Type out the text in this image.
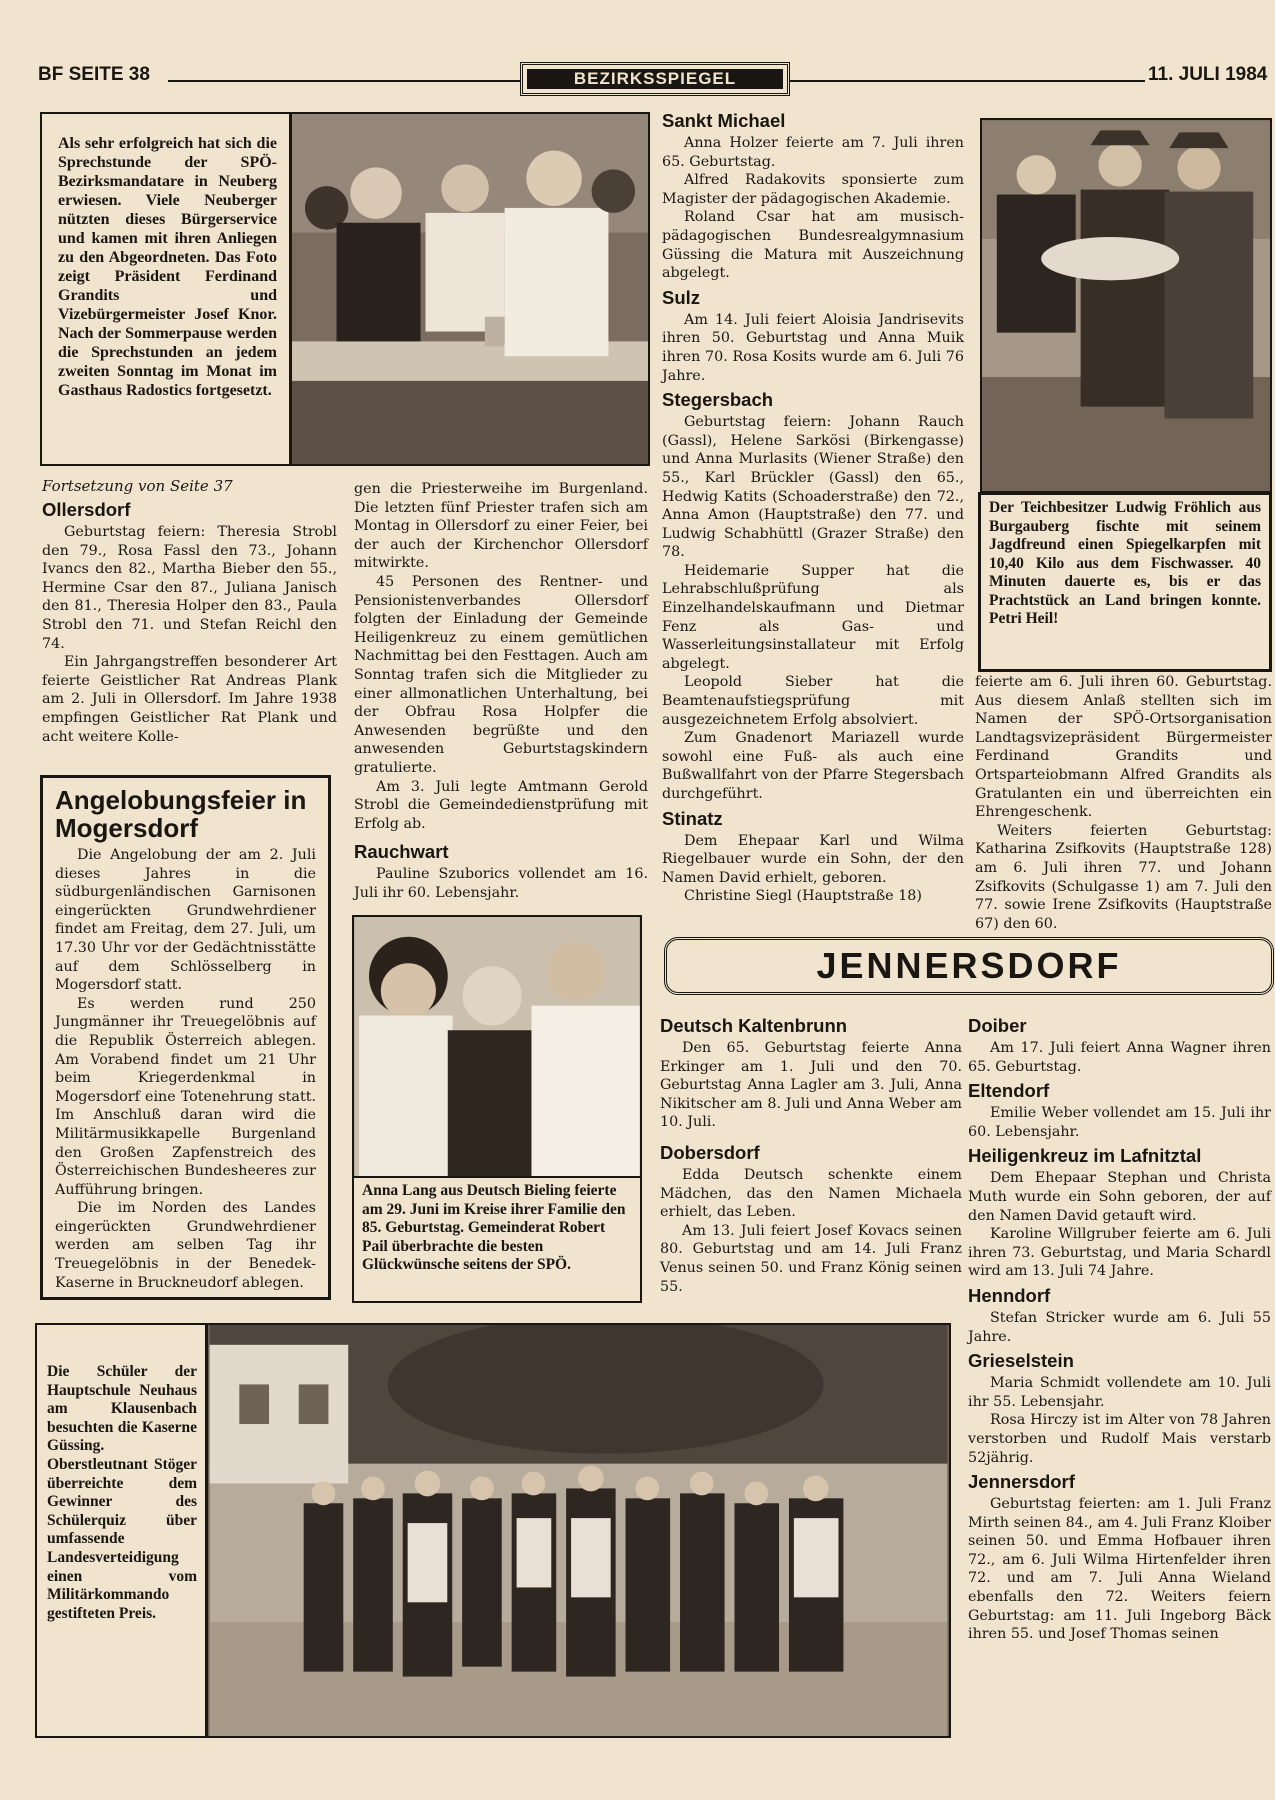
BF SEITE 38	BEZIRKSSPIEGEL	11. JULI 1984
Als sehr erfolgreich hat sich die Sprechstunde der SPÖ-Bezirksmandatare in Neuberg erwiesen. Viele Neuberger nützten dieses Bürgerservice und kamen mit ihren Anliegen zu den Abgeordneten. Das Foto zeigt Präsident Ferdinand Grandits und Vizebürgermeister Josef Knor. Nach der Sommerpause werden die Sprechstunden an jedem zweiten Sonntag im Monat im Gasthaus Radostics fortgesetzt.
Fortsetzung von Seite 37
Ollersdorf

Geburtstag feiern: Theresia Strobl den 79., Rosa Fassl den 73., Johann Ivancs den 82., Martha Bieber den 55., Hermine Csar den 87., Juliana Janisch den 81., Theresia Holper den 83., Paula Strobl den 71. und Stefan Reichl den 74.

Ein Jahrgangstreffen besonderer Art feierte Geistlicher Rat Andreas Plank am 2. Juli in Ollersdorf. Im Jahre 1938 empfingen Geistlicher Rat Plank und acht weitere Kolle-

gen die Priesterweihe im Burgenland. Die letzten fünf Priester trafen sich am Montag in Ollersdorf zu einer Feier, bei der auch der Kirchenchor Ollersdorf mitwirkte.

45 Personen des Rentner- und Pensionistenverbandes Ollersdorf folgten der Einladung der Gemeinde Heiligenkreuz zu einem gemütlichen Nachmittag bei den Festtagen. Auch am Sonntag trafen sich die Mitglieder zu einer allmonatlichen Unterhaltung, bei der Obfrau Rosa Holpfer die Anwesenden begrüßte und den anwesenden Geburtstagskindern gratulierte.

Am 3. Juli legte Amtmann Gerold Strobl die Gemeindedienstprüfung mit Erfolg ab.

Rauchwart

Pauline Szuborics vollendet am 16. Juli ihr 60. Lebensjahr.

Angelobungsfeier in Mogersdorf

Die Angelobung der am 2. Juli dieses Jahres in die südburgenländischen Garnisonen eingerückten Grundwehrdiener findet am Freitag, dem 27. Juli, um 17.30 Uhr vor der Gedächtnisstätte auf dem Schlösselberg in Mogersdorf statt.

Es werden rund 250 Jungmänner ihr Treuegelöbnis auf die Republik Österreich ablegen. Am Vorabend findet um 21 Uhr beim Kriegerdenkmal in Mogersdorf eine Totenehrung statt. Im Anschluß daran wird die Militärmusikkapelle Burgenland den Großen Zapfenstreich des Österreichischen Bundesheeres zur Aufführung bringen.

Die im Norden des Landes eingerückten Grundwehrdiener werden am selben Tag ihr Treuegelöbnis in der Benedek-Kaserne in Bruckneudorf ablegen.

Anna Lang aus Deutsch Bieling feierte am 29. Juni im Kreise ihrer Familie den 85. Geburtstag. Gemeinderat Robert Pail überbrachte die besten Glückwünsche seitens der SPÖ.
Sankt Michael

Anna Holzer feierte am 7. Juli ihren 65. Geburtstag.

Alfred Radakovits sponsierte zum Magister der pädagogischen Akademie.

Roland Csar hat am musisch-pädagogischen Bundesrealgymnasium Güssing die Matura mit Auszeichnung abgelegt.

Sulz

Am 14. Juli feiert Aloisia Jandrisevits ihren 50. Geburtstag und Anna Muik ihren 70. Rosa Kosits wurde am 6. Juli 76 Jahre.

Stegersbach

Geburtstag feiern: Johann Rauch (Gassl), Helene Sarkösi (Birkengasse) und Anna Murlasits (Wiener Straße) den 55., Karl Brückler (Gassl) den 65., Hedwig Katits (Schoaderstraße) den 72., Anna Amon (Hauptstraße) den 77. und Ludwig Schabhüttl (Grazer Straße) den 78.

Heidemarie Supper hat die Lehrabschlußprüfung als Einzelhandelskaufmann und Dietmar Fenz als Gas- und Wasserleitungsinstallateur mit Erfolg abgelegt.

Leopold Sieber hat die Beamtenaufstiegsprüfung mit ausgezeichnetem Erfolg absolviert.

Zum Gnadenort Mariazell wurde sowohl eine Fuß- als auch eine Bußwallfahrt von der Pfarre Stegersbach durchgeführt.

Stinatz

Dem Ehepaar Karl und Wilma Riegelbauer wurde ein Sohn, der den Namen David erhielt, geboren.

Christine Siegl (Hauptstraße 18)

Der Teichbesitzer Ludwig Fröhlich aus Burgauberg fischte mit seinem Jagdfreund einen Spiegelkarpfen mit 10,40 Kilo aus dem Fischwasser. 40 Minuten dauerte es, bis er das Prachtstück an Land bringen konnte. Petri Heil!

feierte am 6. Juli ihren 60. Geburtstag. Aus diesem Anlaß stellten sich im Namen der SPÖ-Ortsorganisation Landtagsvizepräsident Bürgermeister Ferdinand Grandits und Ortsparteiobmann Alfred Grandits als Gratulanten ein und überreichten ein Ehrengeschenk.

Weiters feierten Geburtstag: Katharina Zsifkovits (Hauptstraße 128) am 6. Juli ihren 77. und Johann Zsifkovits (Schulgasse 1) am 7. Juli den 77. sowie Irene Zsifkovits (Hauptstraße 67) den 60.

JENNERSDORF
Deutsch Kaltenbrunn

Den 65. Geburtstag feierte Anna Erkinger am 1. Juli und den 70. Geburtstag Anna Lagler am 3. Juli, Anna Nikitscher am 8. Juli und Anna Weber am 10. Juli.

Dobersdorf

Edda Deutsch schenkte einem Mädchen, das den Namen Michaela erhielt, das Leben.

Am 13. Juli feiert Josef Kovacs seinen 80. Geburtstag und am 14. Juli Franz Venus seinen 50. und Franz König seinen 55.

Doiber

Am 17. Juli feiert Anna Wagner ihren 65. Geburtstag.

Eltendorf

Emilie Weber vollendet am 15. Juli ihr 60. Lebensjahr.

Heiligenkreuz im Lafnitztal

Dem Ehepaar Stephan und Christa Muth wurde ein Sohn geboren, der auf den Namen David getauft wird.

Karoline Willgruber feierte am 6. Juli ihren 73. Geburtstag, und Maria Schardl wird am 13. Juli 74 Jahre.

Henndorf

Stefan Stricker wurde am 6. Juli 55 Jahre.

Grieselstein

Maria Schmidt vollendete am 10. Juli ihr 55. Lebensjahr.

Rosa Hirczy ist im Alter von 78 Jahren verstorben und Rudolf Mais verstarb 52jährig.

Jennersdorf

Geburtstag feierten: am 1. Juli Franz Mirth seinen 84., am 4. Juli Franz Kloiber seinen 50. und Emma Hofbauer ihren 72., am 6. Juli Wilma Hirtenfelder ihren 72. und am 7. Juli Anna Wieland ebenfalls den 72. Weiters feiern Geburtstag: am 11. Juli Ingeborg Bäck ihren 55. und Josef Thomas seinen

Die Schüler der Hauptschule Neuhaus am Klausenbach besuchten die Kaserne Güssing. Oberstleutnant Stöger überreichte dem Gewinner des Schülerquiz über umfassende Landesverteidigung einen vom Militärkommando gestifteten Preis.
